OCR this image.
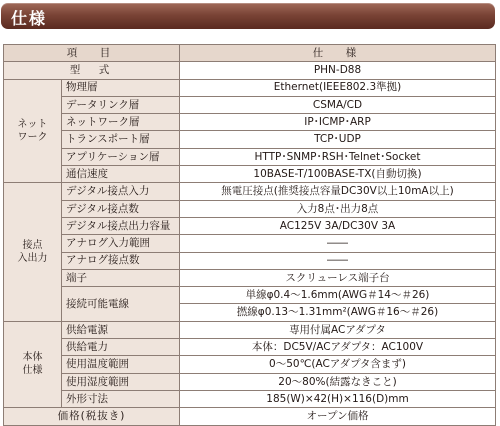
仕様
項　目		仕　様
型　式		PHN-D88
ネット
ワーク	物理層	Ethernet(IEEE802.3準拠)
	データリンク層	CSMA/CD
	ネットワーク層	IP･ICMP･ARP
	トランスポート層	TCP･UDP
	アプリケーション層	HTTP･SNMP･RSH･Telnet･Socket
	通信速度	10BASE-T/100BASE-TX(自動切換)
接点
入出力	デジタル接点入力	無電圧接点(推奨接点容量DC30V以上10mA以上)
	デジタル接点数	入力8点･出力8点
	デジタル接点出力容量	AC125V 3A/DC30V 3A
	アナログ入力範囲	――
	アナログ接点数	――
	端子	スクリューレス端子台
	接続可能電線	単線φ0.4～1.6mm(AWG＃14～＃26)
		撚線φ0.13～1.31mm²(AWG＃16～＃26)
本体
仕様	供給電源	専用付属ACアダプタ
	供給電力	本体：DC5V/ACアダプタ：AC100V
	使用温度範囲	0～50℃(ACアダプタ含まず)
	使用湿度範囲	20～80%(結露なきこと)
	外形寸法	185(W)×42(H)×116(D)mm
価格(税抜き)		オープン価格
